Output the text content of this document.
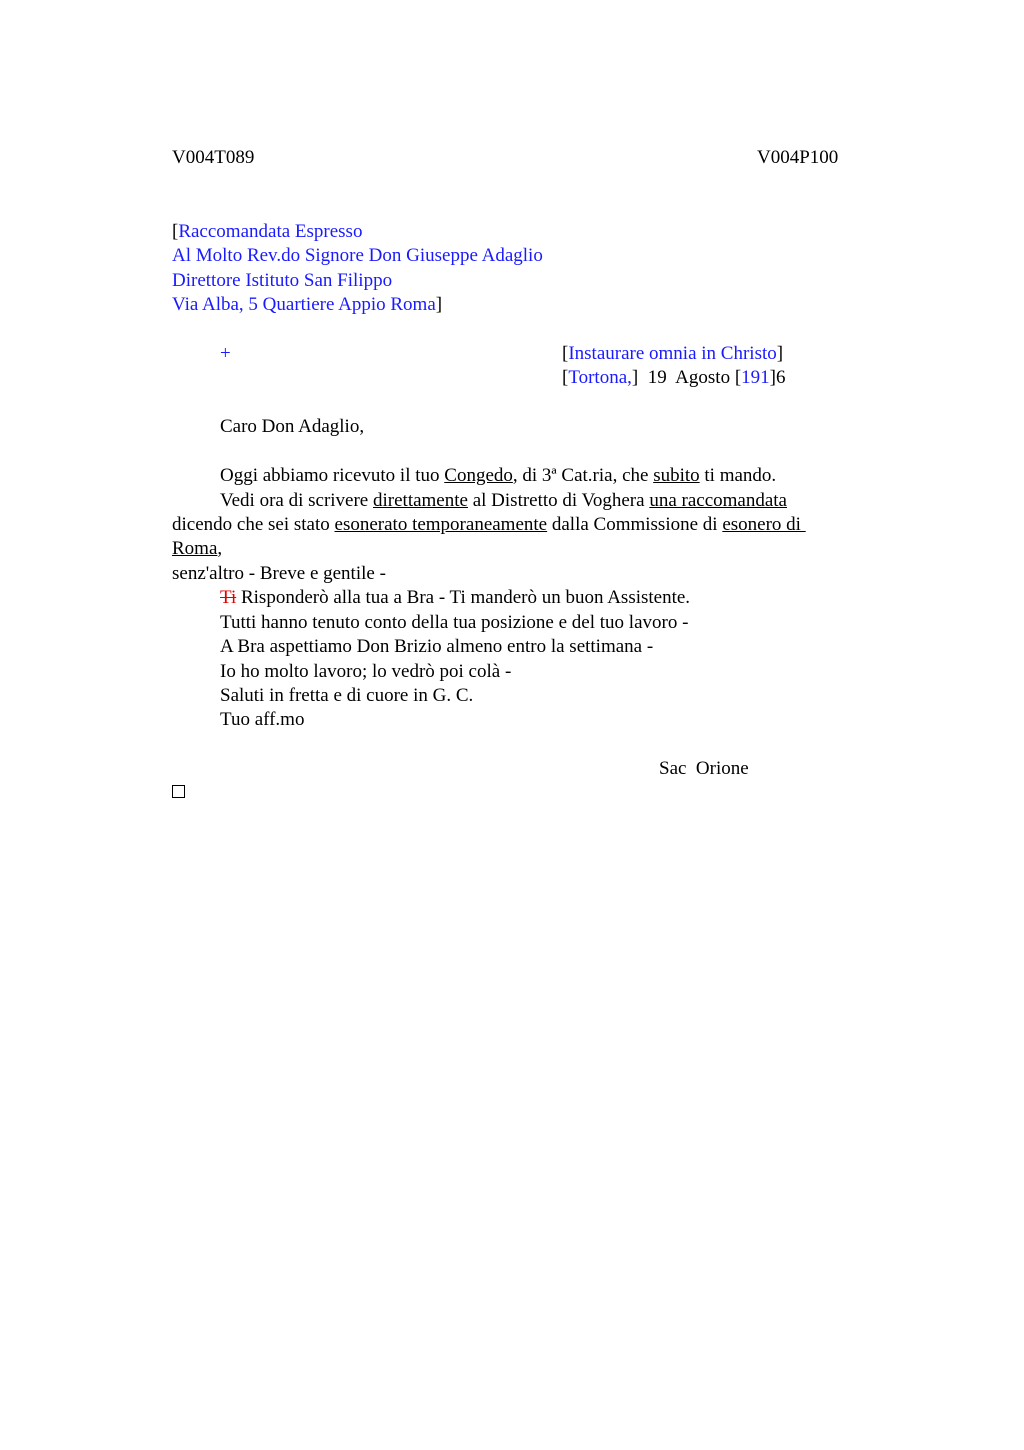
V004T089	V004P100
[Raccomandata Espresso
Al Molto Rev.do Signore Don Giuseppe Adaglio
Direttore Istituto San Filippo
Via Alba, 5 Quartiere Appio Roma]
+	[Instaurare omnia in Christo]
[Tortona,]  19  Agosto [191]6
Caro Don Adaglio,
Oggi abbiamo ricevuto il tuo Congedo, di 3ª Cat.ria, che subito ti mando.
Vedi ora di scrivere direttamente al Distretto di Voghera una raccomandata
dicendo che sei stato esonerato temporaneamente dalla Commissione di esonero di
Roma,
senz'altro - Breve e gentile -
Ti Risponderò alla tua a Bra - Ti manderò un buon Assistente.
Tutti hanno tenuto conto della tua posizione e del tuo lavoro -
A Bra aspettiamo Don Brizio almeno entro la settimana -
Io ho molto lavoro; lo vedrò poi colà -
Saluti in fretta e di cuore in G. C.
Tuo aff.mo
Sac  Orione
